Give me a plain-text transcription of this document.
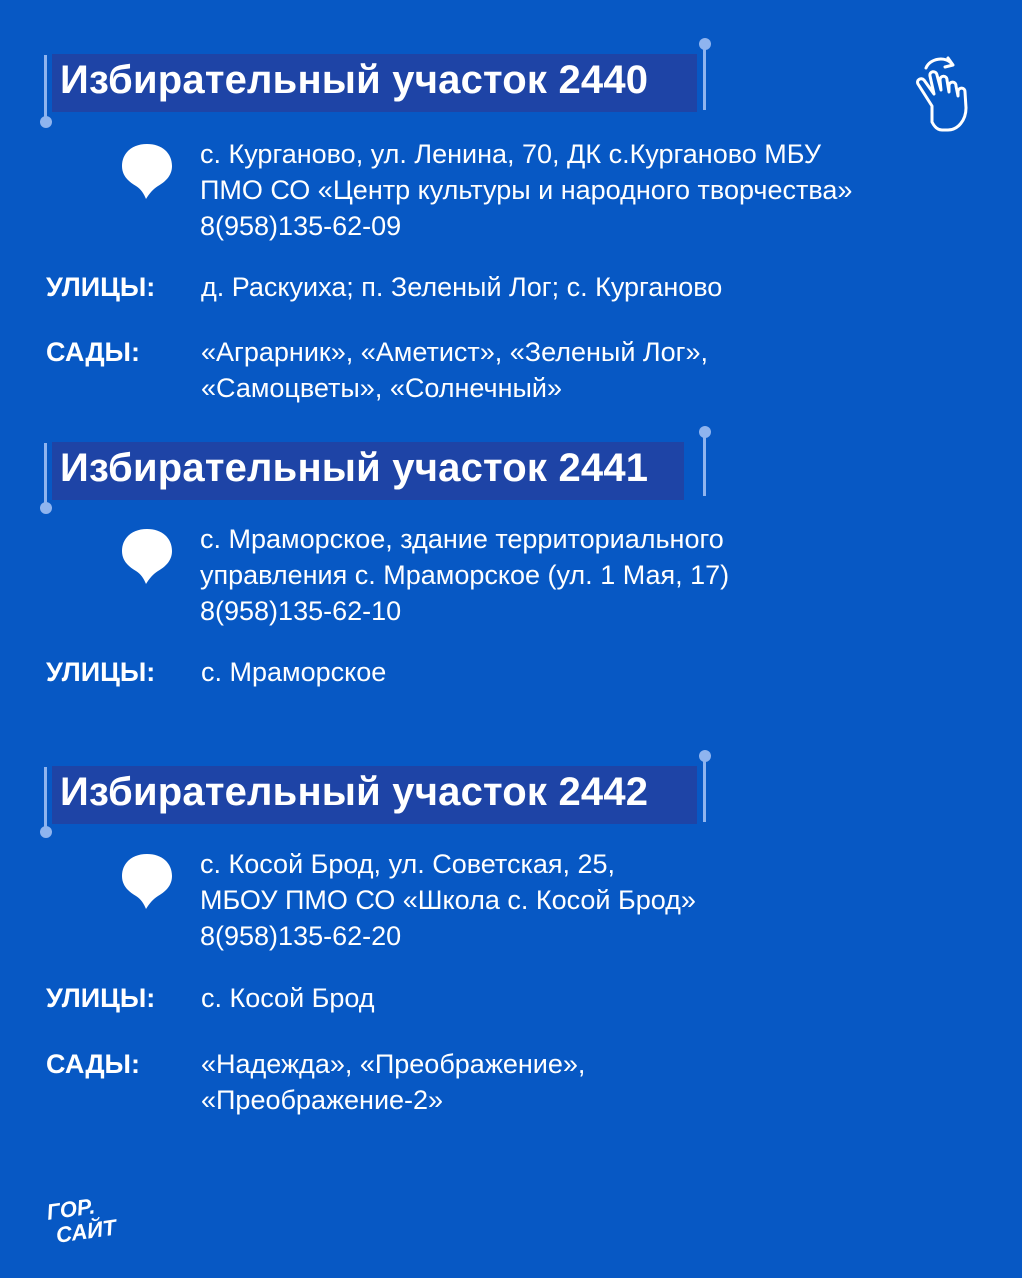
Избирательный участок 2440
с. Курганово, ул. Ленина, 70, ДК с.Курганово МБУ
ПМО СО «Центр культуры и народного творчества»
8(958)135-62-09
УЛИЦЫ: д. Раскуиха; п. Зеленый Лог; с. Курганово
САДЫ: «Аграрник», «Аметист», «Зеленый Лог»,
«Самоцветы», «Солнечный»
Избирательный участок 2441
с. Мраморское, здание территориального
управления с. Мраморское (ул. 1 Мая, 17)
8(958)135-62-10
УЛИЦЫ: с. Мраморское
Избирательный участок 2442
с. Косой Брод, ул. Советская, 25,
МБОУ ПМО СО «Школа с. Косой Брод»
8(958)135-62-20
УЛИЦЫ: с. Косой Брод
САДЫ: «Надежда», «Преображение»,
«Преображение-2»
ГОР.
САЙТ
